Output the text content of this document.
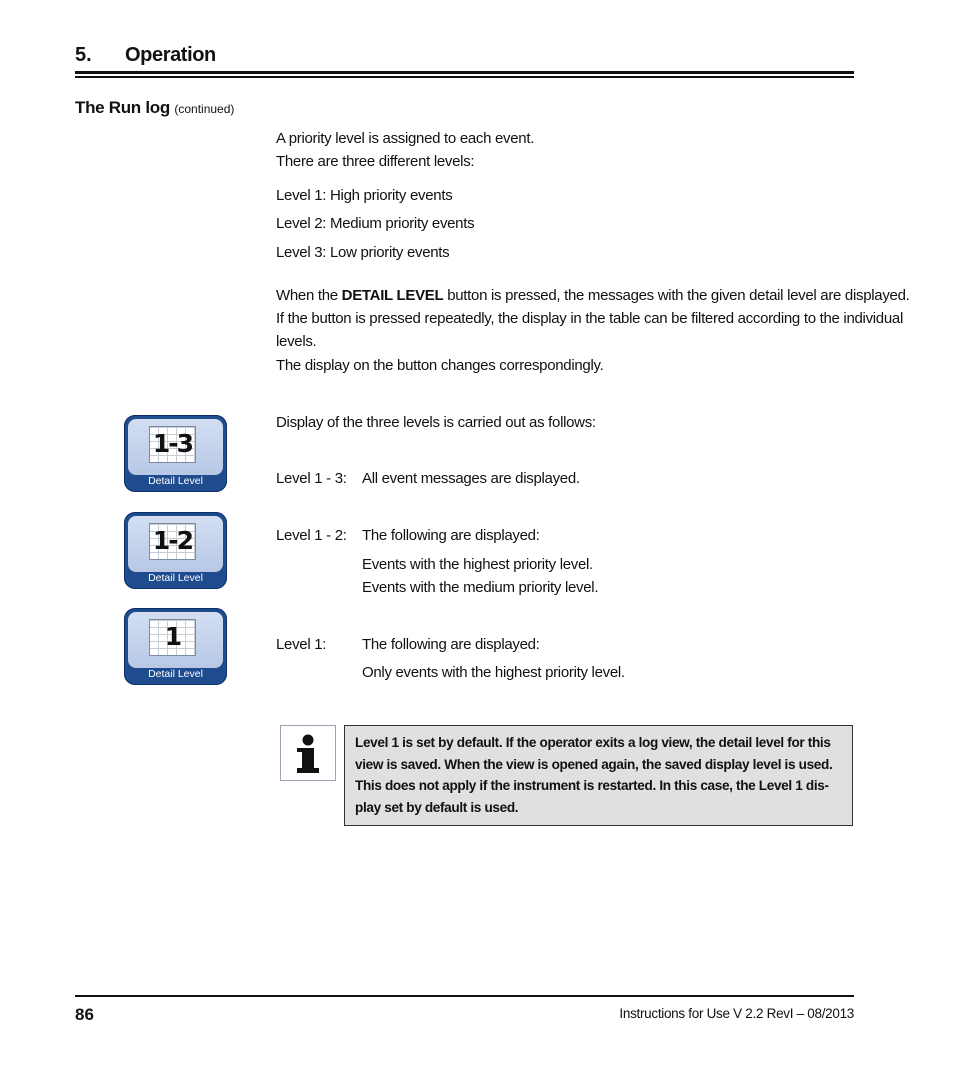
5. Operation
The Run log (continued)
A priority level is assigned to each event.
There are three different levels:
Level 1: High priority events
Level 2: Medium priority events
Level 3: Low priority events
When the DETAIL LEVEL button is pressed, the messages with the given detail level are displayed.
If the button is pressed repeatedly, the display in the table can be filtered according to the individual
levels.
The display on the button changes correspondingly.
Display of the three levels is carried out as follows:
Level 1 - 3: All event messages are displayed.
Level 1 - 2: The following are displayed:
Events with the highest priority level.
Events with the medium priority level.
Level 1: The following are displayed:
Only events with the highest priority level.
1-3
Detail Level
1-2
Detail Level
1
Detail Level
Level 1 is set by default. If the operator exits a log view, the detail level for this
view is saved. When the view is opened again, the saved display level is used.
This does not apply if the instrument is restarted. In this case, the Level 1 dis-
play set by default is used.
86	Instructions for Use V 2.2 RevI – 08/2013
